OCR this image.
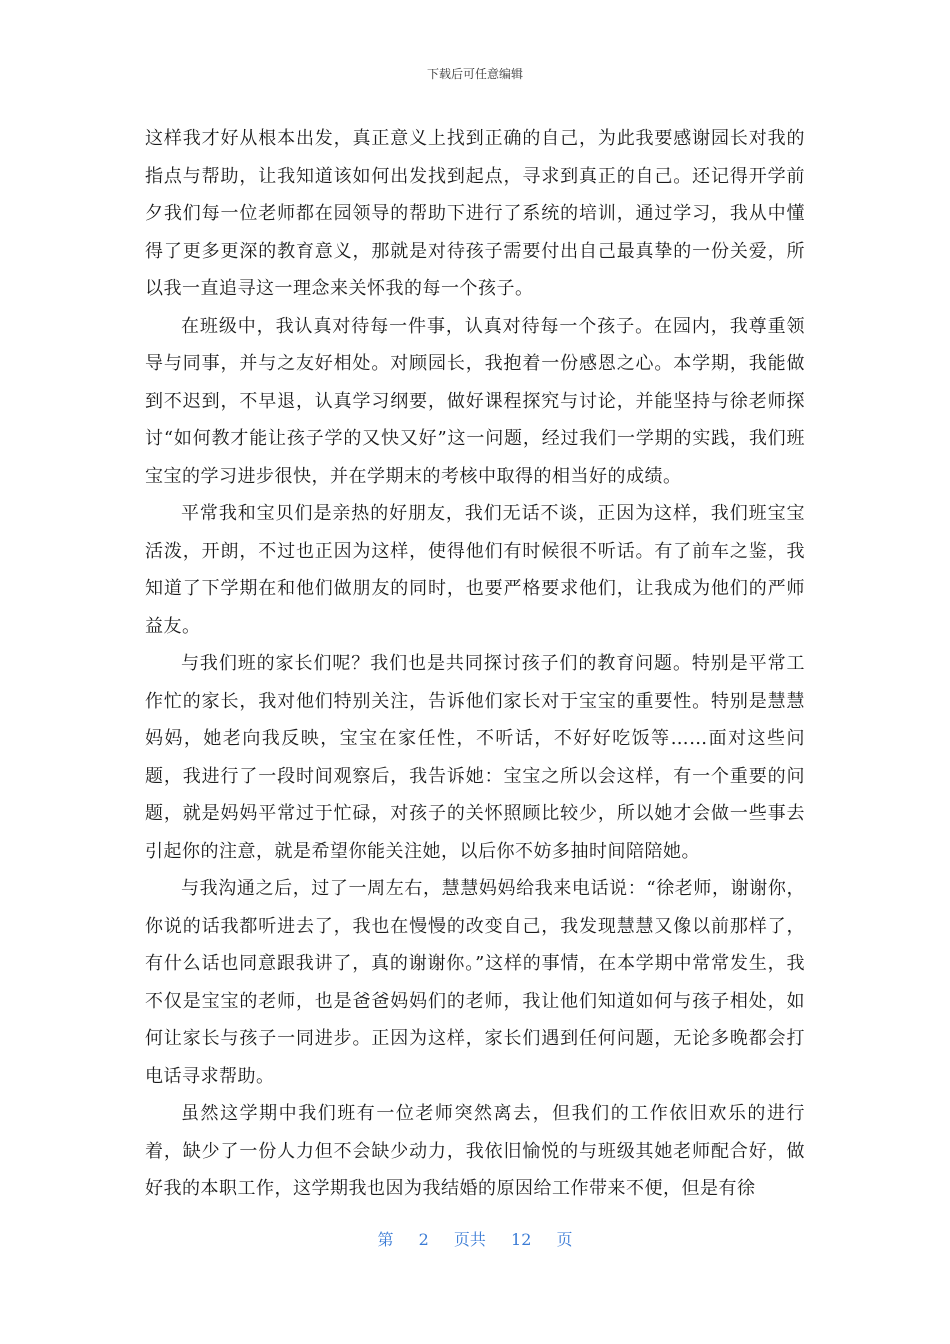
下载后可任意编辑

这样我才好从根本出发，真正意义上找到正确的自己，为此我要感谢园长对我的指点与帮助，让我知道该如何出发找到起点，寻求到真正的自己。还记得开学前夕我们每一位老师都在园领导的帮助下进行了系统的培训，通过学习，我从中懂得了更多更深的教育意义，那就是对待孩子需要付出自己最真挚的一份关爱，所以我一直追寻这一理念来关怀我的每一个孩子。

在班级中，我认真对待每一件事，认真对待每一个孩子。在园内，我尊重领导与同事，并与之友好相处。对顾园长，我抱着一份感恩之心。本学期，我能做到不迟到，不早退，认真学习纲要，做好课程探究与讨论，并能坚持与徐老师探讨“如何教才能让孩子学的又快又好”这一问题，经过我们一学期的实践，我们班宝宝的学习进步很快，并在学期末的考核中取得的相当好的成绩。

平常我和宝贝们是亲热的好朋友，我们无话不谈，正因为这样，我们班宝宝活泼，开朗，不过也正因为这样，使得他们有时候很不听话。有了前车之鉴，我知道了下学期在和他们做朋友的同时，也要严格要求他们，让我成为他们的严师益友。

与我们班的家长们呢？我们也是共同探讨孩子们的教育问题。特别是平常工作忙的家长，我对他们特别关注，告诉他们家长对于宝宝的重要性。特别是慧慧妈妈，她老向我反映，宝宝在家任性，不听话，不好好吃饭等……面对这些问题，我进行了一段时间观察后，我告诉她：宝宝之所以会这样，有一个重要的问题，就是妈妈平常过于忙碌，对孩子的关怀照顾比较少，所以她才会做一些事去引起你的注意，就是希望你能关注她，以后你不妨多抽时间陪陪她。

与我沟通之后，过了一周左右，慧慧妈妈给我来电话说：“徐老师，谢谢你，你说的话我都听进去了，我也在慢慢的改变自己，我发现慧慧又像以前那样了，有什么话也同意跟我讲了，真的谢谢你。”这样的事情，在本学期中常常发生，我不仅是宝宝的老师，也是爸爸妈妈们的老师，我让他们知道如何与孩子相处，如何让家长与孩子一同进步。正因为这样，家长们遇到任何问题，无论多晚都会打电话寻求帮助。

虽然这学期中我们班有一位老师突然离去，但我们的工作依旧欢乐的进行着，缺少了一份人力但不会缺少动力，我依旧愉悦的与班级其她老师配合好，做好我的本职工作，这学期我也因为我结婚的原因给工作带来不便，但是有徐

第 2 页共 12 页
